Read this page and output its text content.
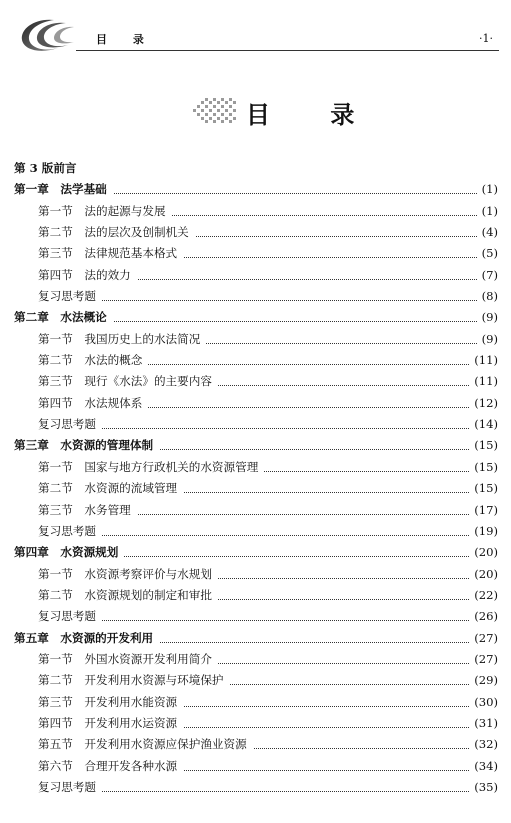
目 录	·1·
目 录
第 3 版前言
第一章　法学基础	(1)
第一节　法的起源与发展	(1)
第二节　法的层次及创制机关	(4)
第三节　法律规范基本格式	(5)
第四节　法的效力	(7)
复习思考题	(8)
第二章　水法概论	(9)
第一节　我国历史上的水法简况	(9)
第二节　水法的概念	(11)
第三节　现行《水法》的主要内容	(11)
第四节　水法规体系	(12)
复习思考题	(14)
第三章　水资源的管理体制	(15)
第一节　国家与地方行政机关的水资源管理	(15)
第二节　水资源的流域管理	(15)
第三节　水务管理	(17)
复习思考题	(19)
第四章　水资源规划	(20)
第一节　水资源考察评价与水规划	(20)
第二节　水资源规划的制定和审批	(22)
复习思考题	(26)
第五章　水资源的开发利用	(27)
第一节　外国水资源开发利用简介	(27)
第二节　开发利用水资源与环境保护	(29)
第三节　开发利用水能资源	(30)
第四节　开发利用水运资源	(31)
第五节　开发利用水资源应保护渔业资源	(32)
第六节　合理开发各种水源	(34)
复习思考题	(35)
